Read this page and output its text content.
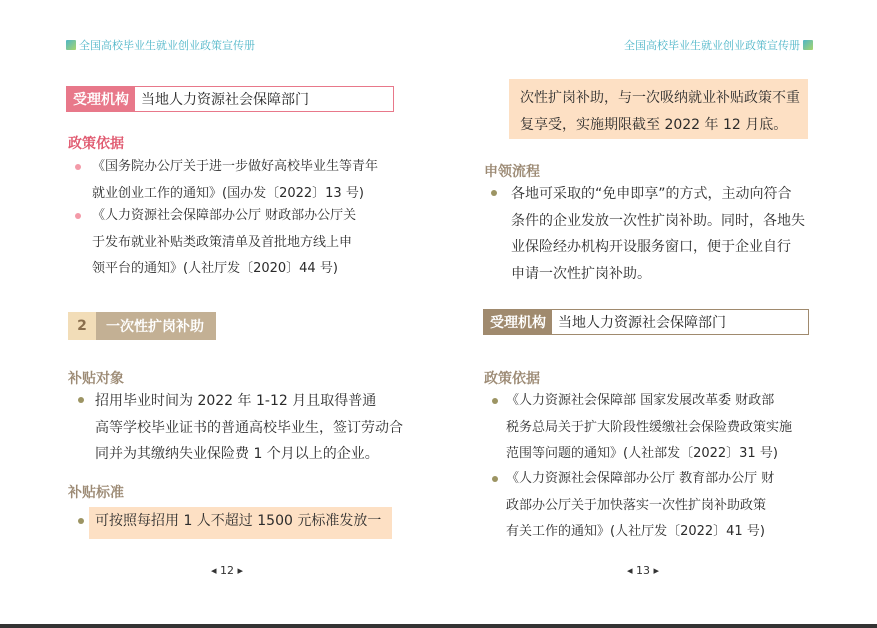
全国高校毕业生就业创业政策宣传册	全国高校毕业生就业创业政策宣传册
受理机构 当地人力资源社会保障部门
政策依据
《国务院办公厅关于进一步做好高校毕业生等青年
就业创业工作的通知》(国办发〔2022〕13 号)
《人力资源社会保障部办公厅 财政部办公厅关
于发布就业补贴类政策清单及首批地方线上申
领平台的通知》(人社厅发〔2020〕44 号)
2	一次性扩岗补助
补贴对象
招用毕业时间为 2022 年 1-12 月且取得普通
高等学校毕业证书的普通高校毕业生，签订劳动合
同并为其缴纳失业保险费 1 个月以上的企业。
补贴标准
可按照每招用 1 人不超过 1500 元标准发放一
◂ 12 ▸
次性扩岗补助，与一次吸纳就业补贴政策不重
复享受，实施期限截至 2022 年 12 月底。
申领流程
各地可采取的“免申即享”的方式，主动向符合
条件的企业发放一次性扩岗补助。同时，各地失
业保险经办机构开设服务窗口，便于企业自行
申请一次性扩岗补助。
受理机构 当地人力资源社会保障部门
政策依据
《人力资源社会保障部 国家发展改革委 财政部
税务总局关于扩大阶段性缓缴社会保险费政策实施
范围等问题的通知》(人社部发〔2022〕31 号)
《人力资源社会保障部办公厅 教育部办公厅 财
政部办公厅关于加快落实一次性扩岗补助政策
有关工作的通知》(人社厅发〔2022〕41 号)
◂ 13 ▸
